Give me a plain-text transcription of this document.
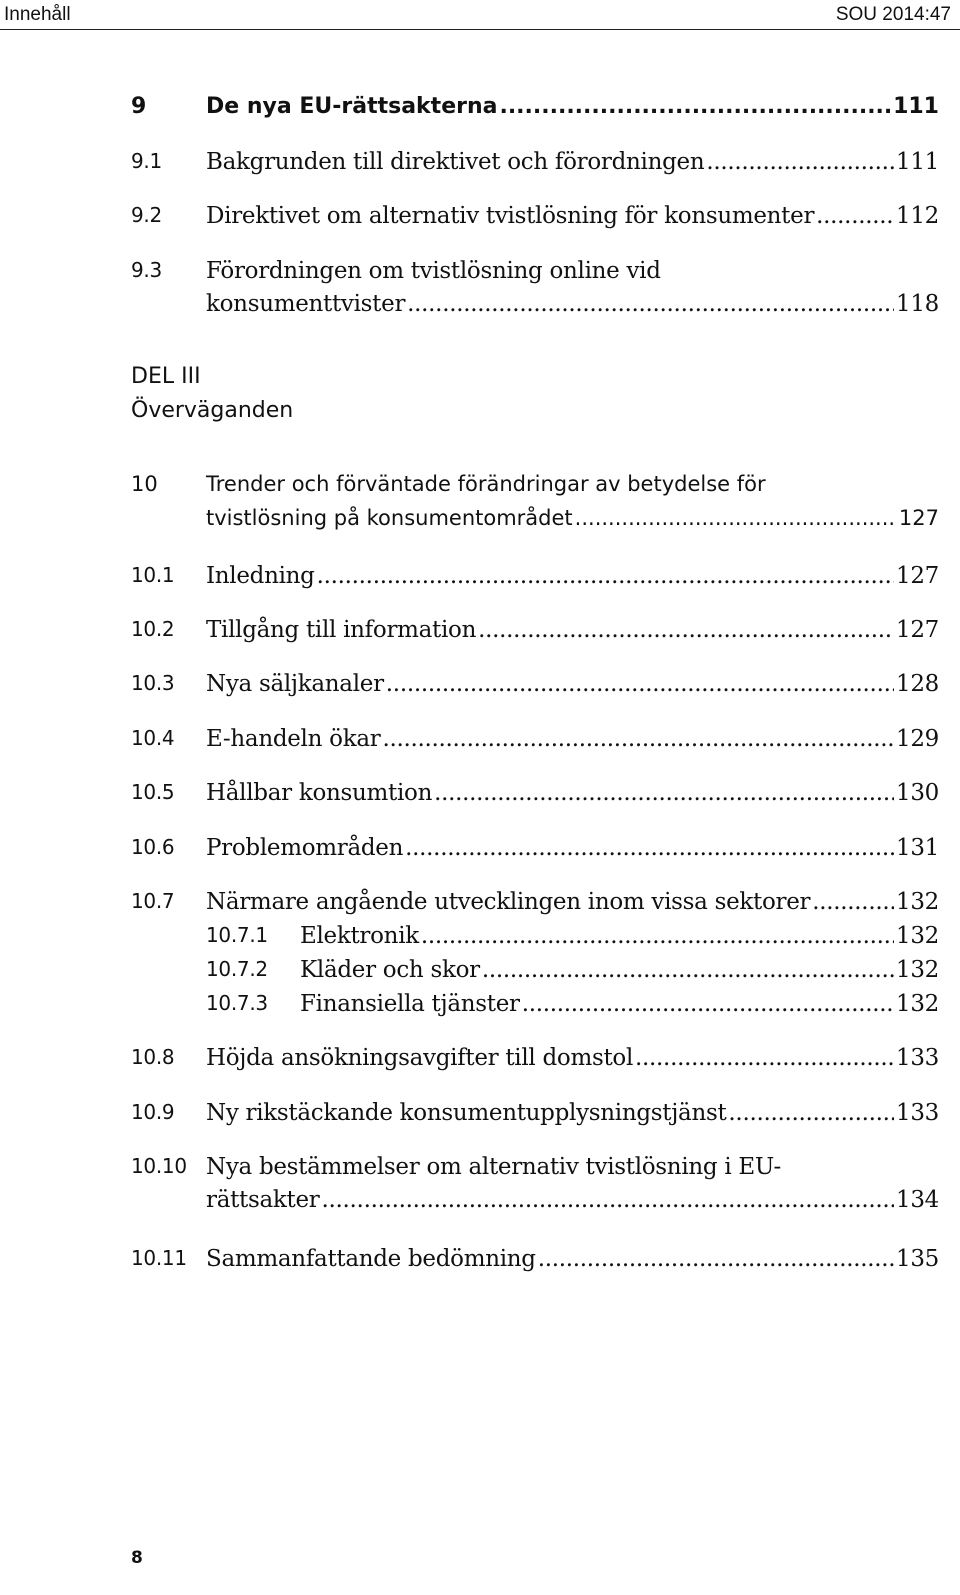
Innehåll	SOU 2014:47
9	De nya EU-rättsakterna .....	111
9.1 Bakgrunden till direktivet och förordningen .....	111
9.2 Direktivet om alternativ tvistlösning för konsumenter .....	112
9.3 Förordningen om tvistlösning online vid
konsumenttvister .....	118
DEL III
Överväganden
10 Trender och förväntade förändringar av betydelse för
tvistlösning på konsumentområdet .....	127
10.1 Inledning .....	127
10.2 Tillgång till information .....	127
10.3 Nya säljkanaler .....	128
10.4 E-handeln ökar .....	129
10.5 Hållbar konsumtion .....	130
10.6 Problemområden .....	131
10.7 Närmare angående utvecklingen inom vissa sektorer .....	132
10.7.1 Elektronik .....	132
10.7.2 Kläder och skor .....	132
10.7.3 Finansiella tjänster .....	132
10.8 Höjda ansökningsavgifter till domstol .....	133
10.9 Ny rikstäckande konsumentupplysningstjänst .....	133
10.10 Nya bestämmelser om alternativ tvistlösning i EU-
rättsakter .....	134
10.11 Sammanfattande bedömning .....	135
8
